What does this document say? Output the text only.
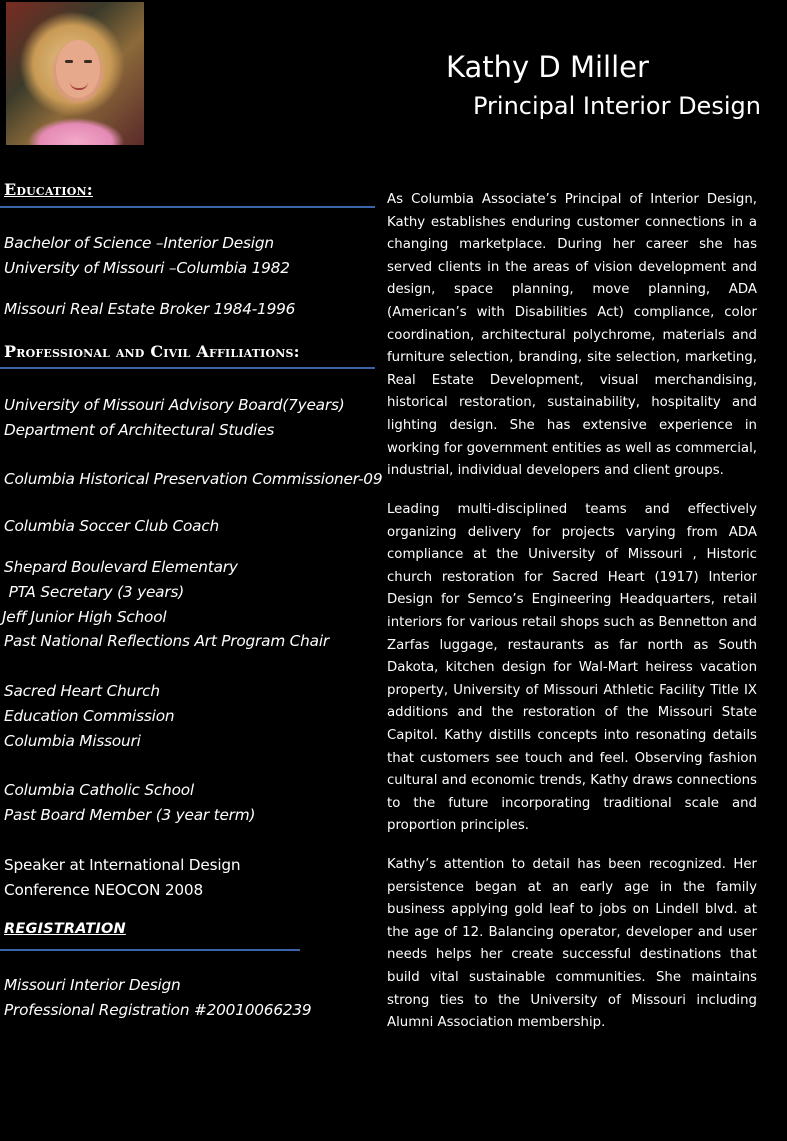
Kathy D Miller
Principal Interior Design
Education:
Bachelor of Science –Interior Design
University of Missouri –Columbia 1982
Missouri Real Estate Broker 1984-1996
Professional and Civil Affiliations:
University of Missouri Advisory Board(7years)
Department of Architectural Studies
Columbia Historical Preservation Commissioner-09
Columbia Soccer Club Coach
Shepard Boulevard Elementary
PTA Secretary (3 years)
Jeff Junior High School
Past National Reflections Art Program Chair
Sacred Heart Church
Education Commission
Columbia Missouri
Columbia Catholic School
Past Board Member (3 year term)
Speaker at International Design
Conference NEOCON 2008
REGISTRATION
Missouri Interior Design
Professional Registration #20010066239

As Columbia Associate’s Principal of Interior Design, Kathy establishes enduring customer connections in a changing marketplace. During her career she has served clients in the areas of vision development and design, space planning, move planning, ADA (American’s with Disabilities Act) compliance, color coordination, architectural polychrome, materials and furniture selection, branding, site selection, marketing, Real Estate Development, visual merchandising, historical restoration, sustainability, hospitality and lighting design. She has extensive experience in working for government entities as well as commercial, industrial, individual developers and client groups.

Leading multi-disciplined teams and effectively organizing delivery for projects varying from ADA compliance at the University of Missouri , Historic church restoration for Sacred Heart (1917) Interior Design for Semco’s Engineering Headquarters, retail interiors for various retail shops such as Bennetton and Zarfas luggage, restaurants as far north as South Dakota, kitchen design for Wal-Mart heiress vacation property, University of Missouri Athletic Facility Title IX additions and the restoration of the Missouri State Capitol. Kathy distills concepts into resonating details that customers see touch and feel. Observing fashion cultural and economic trends, Kathy draws connections to the future incorporating traditional scale and proportion principles.

Kathy’s attention to detail has been recognized. Her persistence began at an early age in the family business applying gold leaf to jobs on Lindell blvd. at the age of 12. Balancing operator, developer and user needs helps her create successful destinations that build vital sustainable communities. She maintains strong ties to the University of Missouri including Alumni Association membership.
